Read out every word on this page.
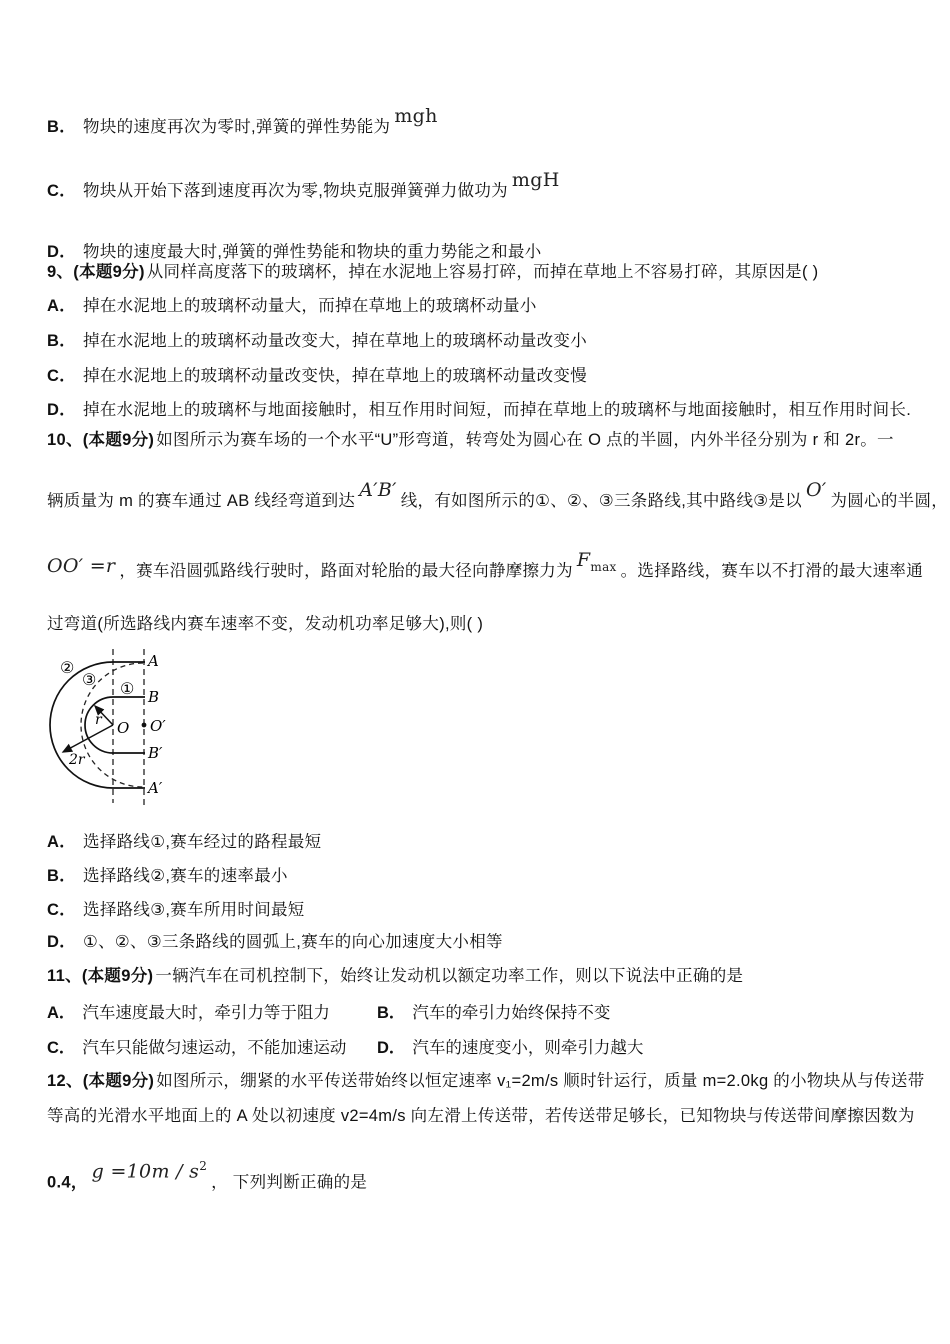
B． 物块的速度再次为零时,弹簧的弹性势能为 mgh
C． 物块从开始下落到速度再次为零,物块克服弹簧弹力做功为 mgH
D． 物块的速度最大时,弹簧的弹性势能和物块的重力势能之和最小
9、(本题9分) 从同样高度落下的玻璃杯，掉在水泥地上容易打碎，而掉在草地上不容易打碎，其原因是( )
A． 掉在水泥地上的玻璃杯动量大，而掉在草地上的玻璃杯动量小
B． 掉在水泥地上的玻璃杯动量改变大，掉在草地上的玻璃杯动量改变小
C． 掉在水泥地上的玻璃杯动量改变快，掉在草地上的玻璃杯动量改变慢
D． 掉在水泥地上的玻璃杯与地面接触时，相互作用时间短，而掉在草地上的玻璃杯与地面接触时，相互作用时间长.
10、(本题9分) 如图所示为赛车场的一个水平“U”形弯道，转弯处为圆心在 O 点的半圆，内外半径分别为 r 和 2r。一
辆质量为 m 的赛车通过 AB 线经弯道到达 A′B′ 线，有如图所示的①、②、③三条路线,其中路线③是以 O′ 为圆心的半圆，
OO′ =r ，赛车沿圆弧路线行驶时，路面对轮胎的最大径向静摩擦力为 $F_{max}$ 。选择路线，赛车以不打滑的最大速率通
过弯道(所选路线内赛车速率不变，发动机功率足够大),则( )
A
B
O O′
B′
A′
r
2r
②
③ ①
A． 选择路线①,赛车经过的路程最短
B． 选择路线②,赛车的速率最小
C． 选择路线③,赛车所用时间最短
D． ①、②、③三条路线的圆弧上,赛车的向心加速度大小相等
11、(本题9分) 一辆汽车在司机控制下，始终让发动机以额定功率工作，则以下说法中正确的是
A． 汽车速度最大时，牵引力等于阻力	B． 汽车的牵引力始终保持不变
C． 汽车只能做匀速运动，不能加速运动 D． 汽车的速度变小，则牵引力越大
12、(本题9分) 如图所示，绷紧的水平传送带始终以恒定速率 v₁=2m/s 顺时针运行，质量 m=2.0kg 的小物块从与传送带
等高的光滑水平地面上的 A 处以初速度 v2=4m/s 向左滑上传送带，若传送带足够长，已知物块与传送带间摩擦因数为
0.4， $g =10m / s^2$， 下列判断正确的是
